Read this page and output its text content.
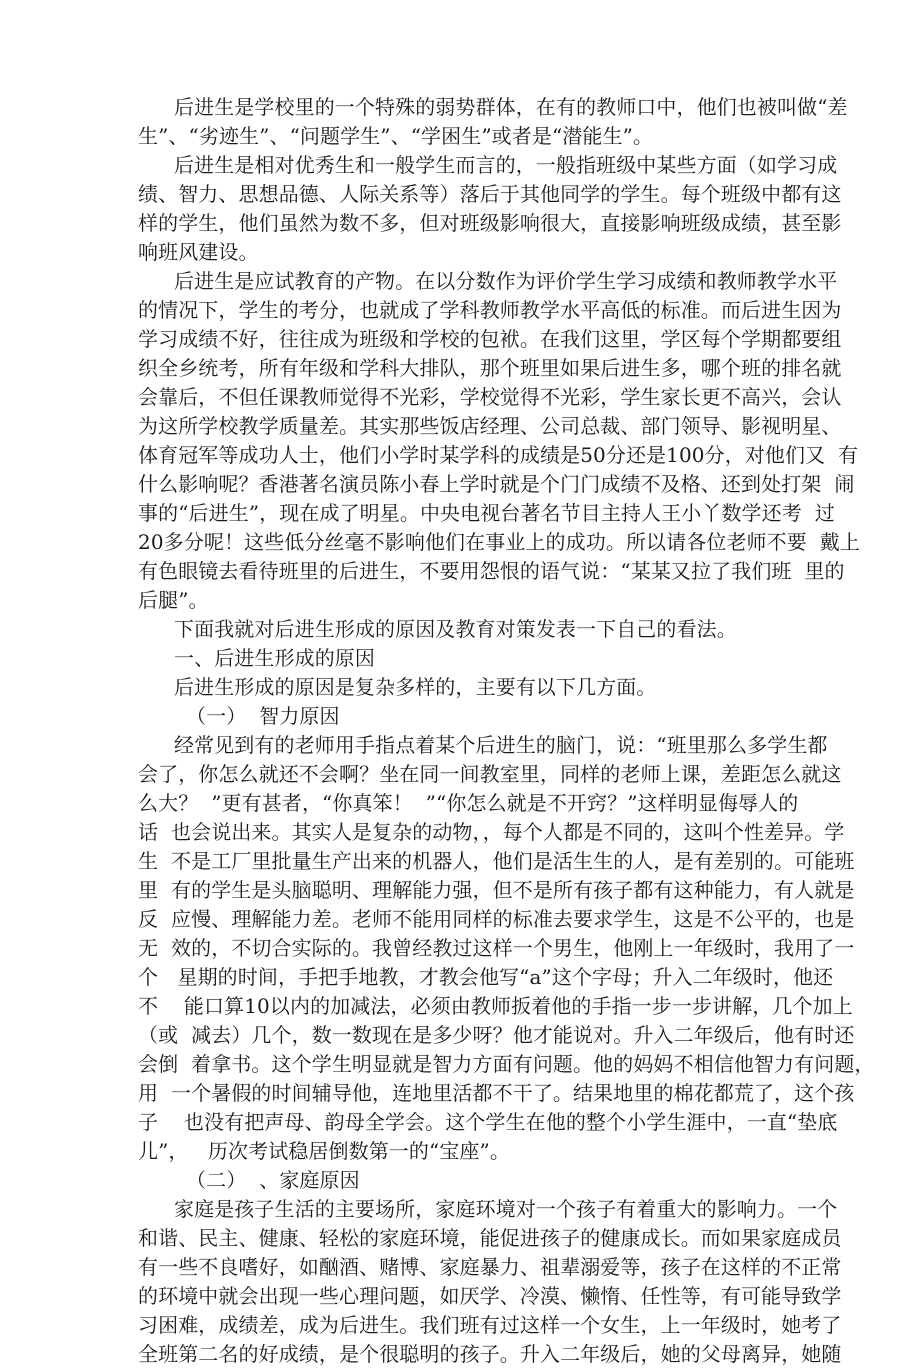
后进生是学校里的一个特殊的弱势群体，在有的教师口中，他们也被叫做“差
生”、“劣迹生”、“问题学生”、“学困生”或者是“潜能生”。
后进生是相对优秀生和一般学生而言的，一般指班级中某些方面（如学习成
绩、智力、思想品德、人际关系等）落后于其他同学的学生。每个班级中都有这
样的学生，他们虽然为数不多，但对班级影响很大，直接影响班级成绩，甚至影
响班风建设。
后进生是应试教育的产物。在以分数作为评价学生学习成绩和教师教学水平
的情况下，学生的考分，也就成了学科教师教学水平高低的标准。而后进生因为
学习成绩不好，往往成为班级和学校的包袱。在我们这里，学区每个学期都要组
织全乡统考，所有年级和学科大排队，那个班里如果后进生多，哪个班的排名就
会靠后，不但任课教师觉得不光彩，学校觉得不光彩，学生家长更不高兴，会认
为这所学校教学质量差。其实那些饭店经理、公司总裁、部门领导、影视明星、
体育冠军等成功人士，他们小学时某学科的成绩是50分还是100分，对他们又  有
什么影响呢？香港著名演员陈小春上学时就是个门门成绩不及格、还到处打架  闹
事的“后进生”，现在成了明星。中央电视台著名节目主持人王小丫数学还考  过
20多分呢！这些低分丝毫不影响他们在事业上的成功。所以请各位老师不要  戴上
有色眼镜去看待班里的后进生，不要用怨恨的语气说：“某某又拉了我们班  里的
后腿”。
下面我就对后进生形成的原因及教育对策发表一下自己的看法。
一、后进生形成的原因
后进生形成的原因是复杂多样的，主要有以下几方面。
（一）  智力原因
经常见到有的老师用手指点着某个后进生的脑门，说：“班里那么多学生都
会了，你怎么就还不会啊？坐在同一间教室里，同样的老师上课，差距怎么就这
么大？  ”更有甚者，“你真笨！  ”“你怎么就是不开窍？”这样明显侮辱人的
话  也会说出来。其实人是复杂的动物，，每个人都是不同的，这叫个性差异。学
生  不是工厂里批量生产出来的机器人，他们是活生生的人，是有差别的。可能班
里  有的学生是头脑聪明、理解能力强，但不是所有孩子都有这种能力，有人就是
反  应慢、理解能力差。老师不能用同样的标准去要求学生，这是不公平的，也是
无  效的，不切合实际的。我曾经教过这样一个男生，他刚上一年级时，我用了一
个   星期的时间，手把手地教，才教会他写“a”这个字母；升入二年级时，他还
不    能口算10以内的加减法，必须由教师扳着他的手指一步一步讲解，几个加上
（或  减去）几个，数一数现在是多少呀？他才能说对。升入二年级后，他有时还
会倒  着拿书。这个学生明显就是智力方面有问题。他的妈妈不相信他智力有问题，
用  一个暑假的时间辅导他，连地里活都不干了。结果地里的棉花都荒了，这个孩
子    也没有把声母、韵母全学会。这个学生在他的整个小学生涯中，一直“垫底
儿”，   历次考试稳居倒数第一的“宝座”。
（二）  、家庭原因
家庭是孩子生活的主要场所，家庭环境对一个孩子有着重大的影响力。一个
和谐、民主、健康、轻松的家庭环境，能促进孩子的健康成长。而如果家庭成员
有一些不良嗜好，如酗酒、赌博、家庭暴力、祖辈溺爱等，孩子在这样的不正常
的环境中就会出现一些心理问题，如厌学、冷漠、懒惰、任性等，有可能导致学
习困难，成绩差，成为后进生。我们班有过这样一个女生，上一年级时，她考了
全班第二名的好成绩，是个很聪明的孩子。升入二年级后，她的父母离异，她随
